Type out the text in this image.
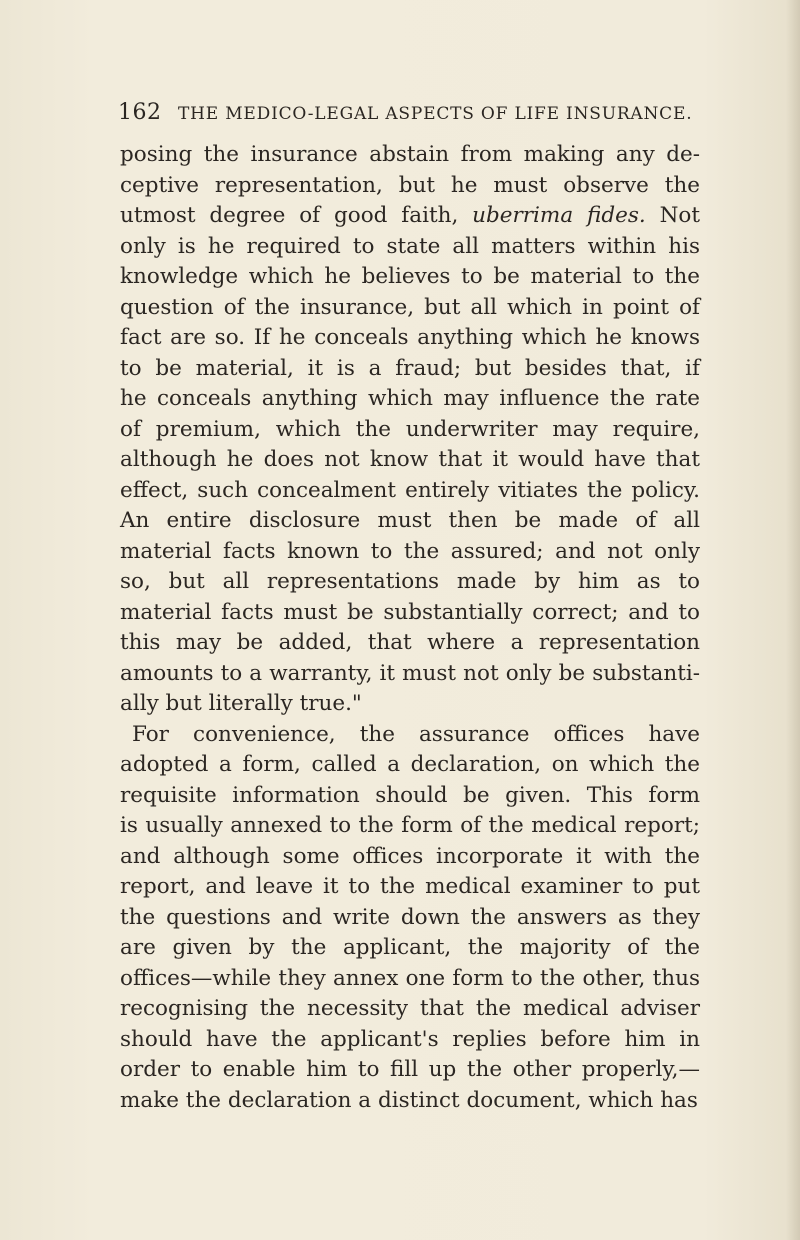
162 THE MEDICO-LEGAL ASPECTS OF LIFE INSURANCE.
posing the insurance abstain from making any de-
ceptive representation, but he must observe the
utmost degree of good faith, uberrima fides. Not
only is he required to state all matters within his
knowledge which he believes to be material to the
question of the insurance, but all which in point of
fact are so. If he conceals anything which he knows
to be material, it is a fraud; but besides that, if
he conceals anything which may influence the rate
of premium, which the underwriter may require,
although he does not know that it would have that
effect, such concealment entirely vitiates the policy.
An entire disclosure must then be made of all
material facts known to the assured; and not only
so, but all representations made by him as to
material facts must be substantially correct; and to
this may be added, that where a representation
amounts to a warranty, it must not only be substanti-
ally but literally true."
For convenience, the assurance offices have
adopted a form, called a declaration, on which the
requisite information should be given. This form
is usually annexed to the form of the medical report;
and although some offices incorporate it with the
report, and leave it to the medical examiner to put
the questions and write down the answers as they
are given by the applicant, the majority of the
offices—while they annex one form to the other, thus
recognising the necessity that the medical adviser
should have the applicant's replies before him in
order to enable him to fill up the other properly,—
make the declaration a distinct document, which has
